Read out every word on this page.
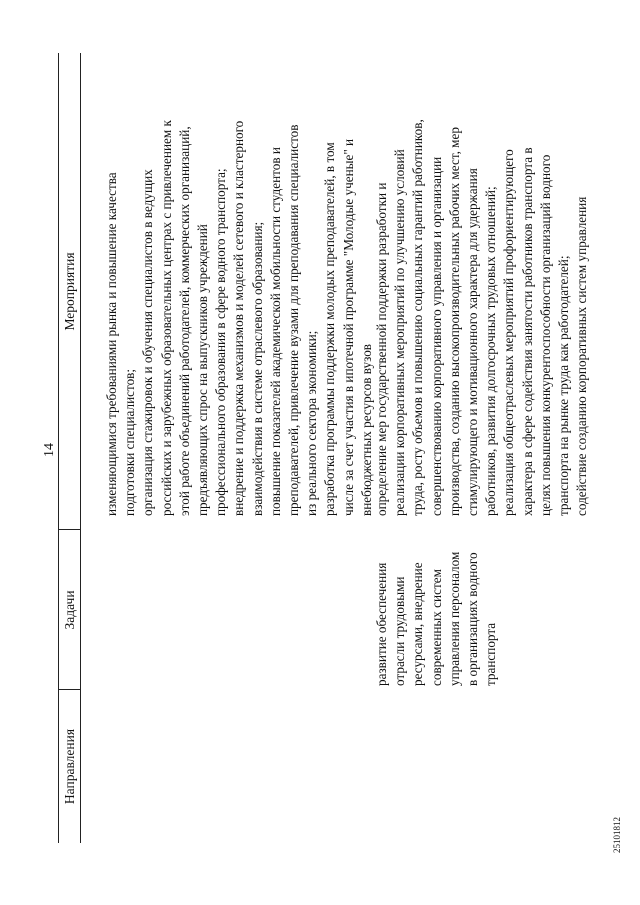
14
Направления
Задачи
Мероприятия изменяющимися требованиями рынка и повышение качества подготовки специалистов; организация стажировок и обучения специалистов в ведущих российских и зарубежных образовательных центрах с привлечением к этой работе объединений работодателей, коммерческих организаций, предъявляющих спрос на выпускников учреждений профессионального образования в сфере водного транспорта; внедрение и поддержка механизмов и моделей сетевого и кластерного взаимодействия в системе отраслевого образования; повышение показателей академической мобильности студентов и преподавателей, привлечение вузами для преподавания специалистов из реального сектора экономики; разработка программы поддержки молодых преподавателей, в том числе за счет участия в ипотечной программе "Молодые ученые" и внебюджетных ресурсов вузов
развитие обеспечения отрасли трудовыми ресурсами, внедрение современных систем управления персоналом в организациях водного транспорта
определение мер государственной поддержки разработки и реализации корпоративных мероприятий по улучшению условий труда, росту объемов и повышению социальных гарантий работников, совершенствованию корпоративного управления и организации производства, созданию высокопроизводительных рабочих мест, мер стимулирующего и мотивационного характера для удержания работников, развития долгосрочных трудовых отношений; реализация общеотраслевых мероприятий профориентирующего характера в сфере содействия занятости работников транспорта в целях повышения конкурентоспособности организаций водного транспорта на рынке труда как работодателей; содействие созданию корпоративных систем управления
25101812
